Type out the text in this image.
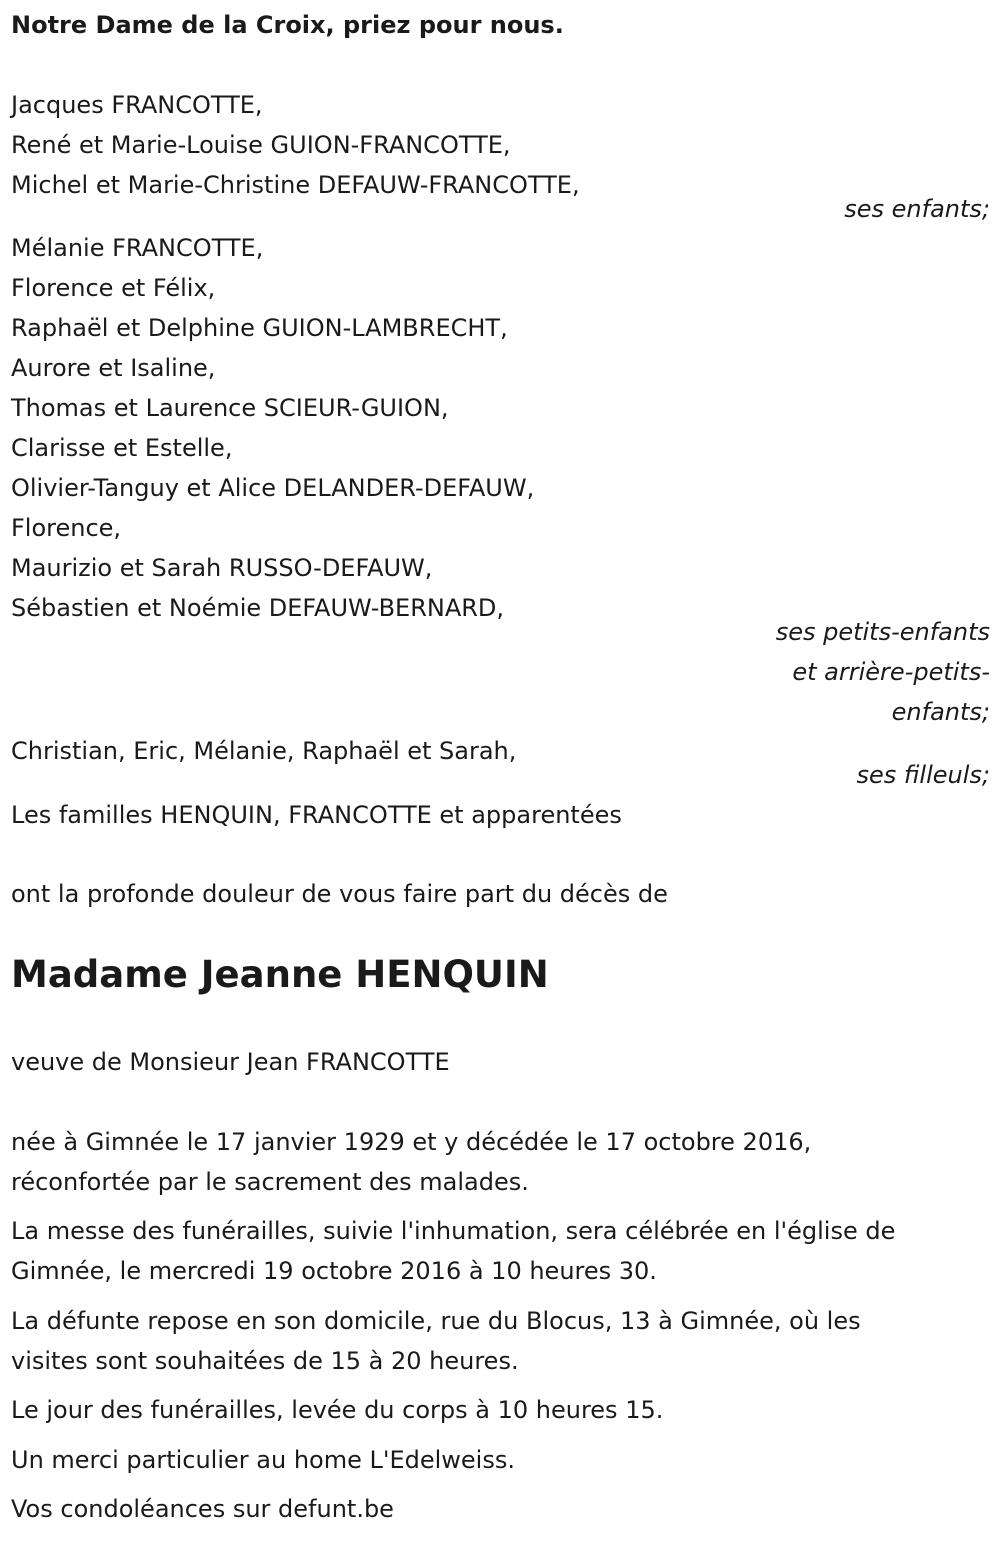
Notre Dame de la Croix, priez pour nous.
Jacques FRANCOTTE,
René et Marie-Louise GUION-FRANCOTTE,
Michel et Marie-Christine DEFAUW-FRANCOTTE,
ses enfants;
Mélanie FRANCOTTE,
Florence et Félix,
Raphaël et Delphine GUION-LAMBRECHT,
Aurore et Isaline,
Thomas et Laurence SCIEUR-GUION,
Clarisse et Estelle,
Olivier-Tanguy et Alice DELANDER-DEFAUW,
Florence,
Maurizio et Sarah RUSSO-DEFAUW,
Sébastien et Noémie DEFAUW-BERNARD,
ses petits-enfants
et arrière-petits-
enfants;
Christian, Eric, Mélanie, Raphaël et Sarah,
ses filleuls;
Les familles HENQUIN, FRANCOTTE et apparentées
ont la profonde douleur de vous faire part du décès de
Madame Jeanne HENQUIN
veuve de Monsieur Jean FRANCOTTE
née à Gimnée le 17 janvier 1929 et y décédée le 17 octobre 2016,
réconfortée par le sacrement des malades.
La messe des funérailles, suivie l'inhumation, sera célébrée en l'église de
Gimnée, le mercredi 19 octobre 2016 à 10 heures 30.
La défunte repose en son domicile, rue du Blocus, 13 à Gimnée, où les
visites sont souhaitées de 15 à 20 heures.
Le jour des funérailles, levée du corps à 10 heures 15.
Un merci particulier au home L'Edelweiss.
Vos condoléances sur defunt.be
